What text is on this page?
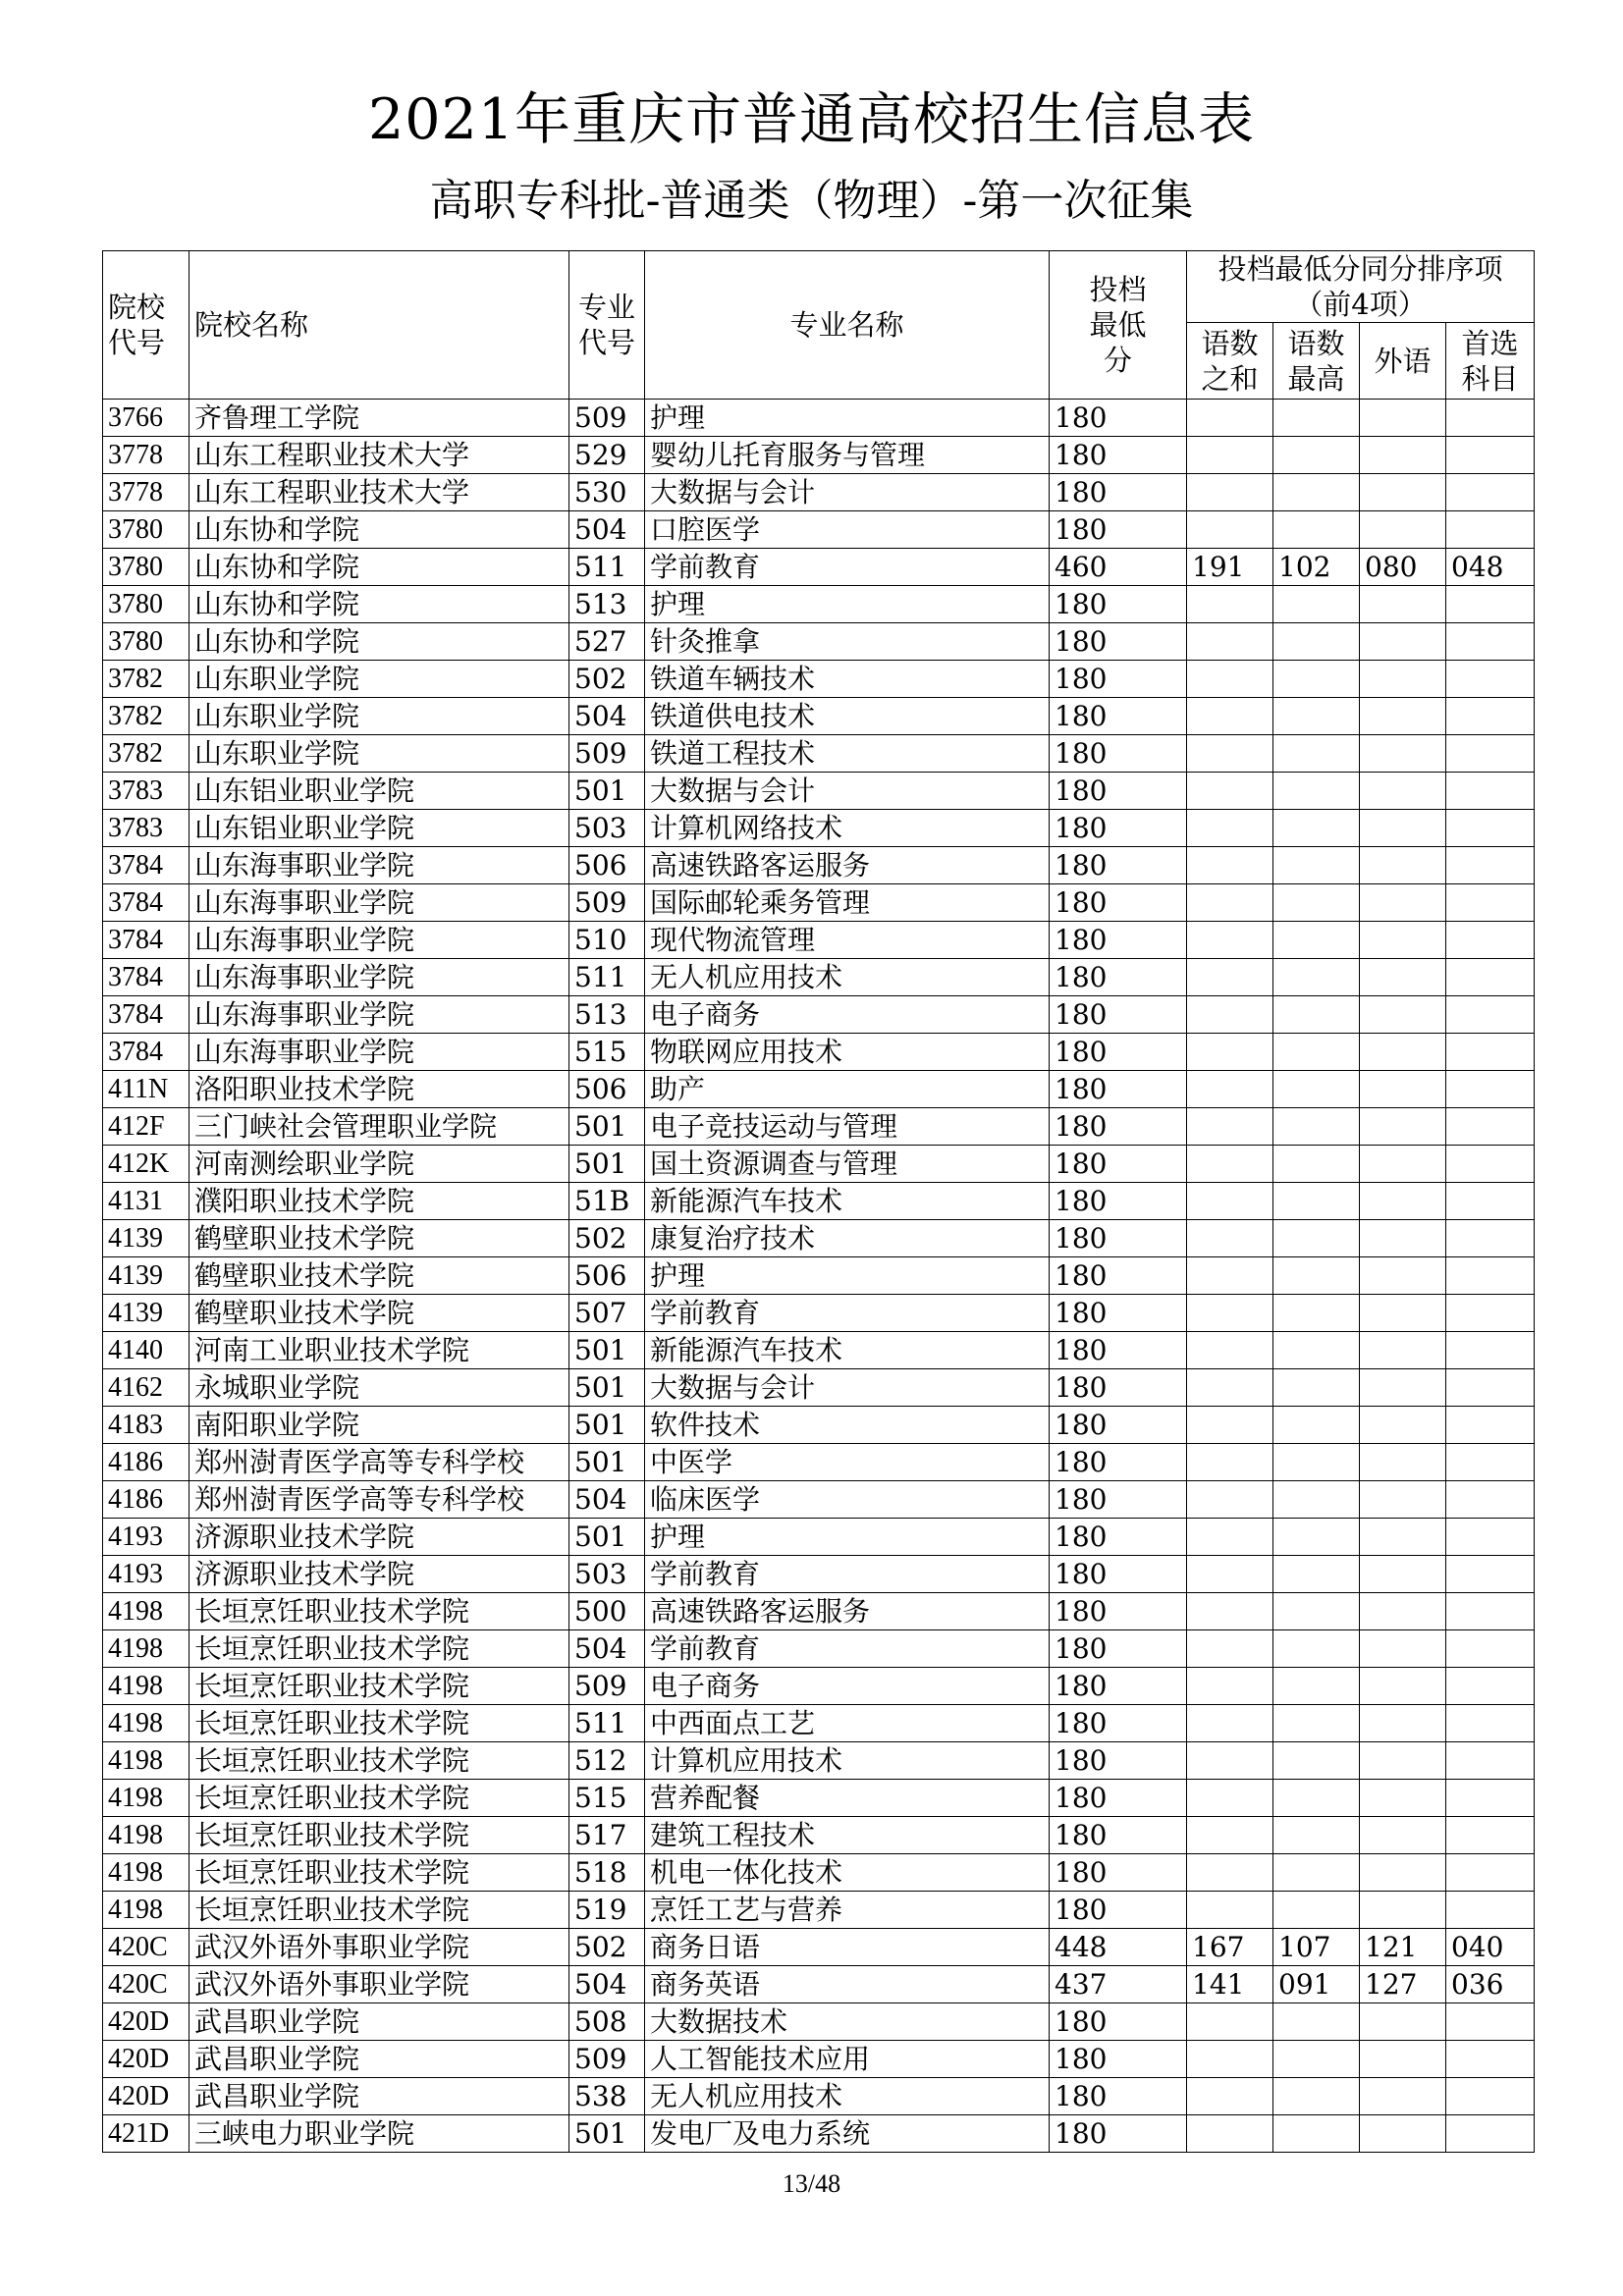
2021年重庆市普通高校招生信息表
高职专科批-普通类（物理）-第一次征集
院校代号	院校名称	专业代号	专业名称	投档最低分	投档最低分同分排序项（前4项）			
					语数之和	语数最高	外语	首选科目
3766	齐鲁理工学院	509	护理	180				
3778	山东工程职业技术大学	529	婴幼儿托育服务与管理	180				
3778	山东工程职业技术大学	530	大数据与会计	180				
3780	山东协和学院	504	口腔医学	180				
3780	山东协和学院	511	学前教育	460	191	102	080	048
3780	山东协和学院	513	护理	180				
3780	山东协和学院	527	针灸推拿	180				
3782	山东职业学院	502	铁道车辆技术	180				
3782	山东职业学院	504	铁道供电技术	180				
3782	山东职业学院	509	铁道工程技术	180				
3783	山东铝业职业学院	501	大数据与会计	180				
3783	山东铝业职业学院	503	计算机网络技术	180				
3784	山东海事职业学院	506	高速铁路客运服务	180				
3784	山东海事职业学院	509	国际邮轮乘务管理	180				
3784	山东海事职业学院	510	现代物流管理	180				
3784	山东海事职业学院	511	无人机应用技术	180				
3784	山东海事职业学院	513	电子商务	180				
3784	山东海事职业学院	515	物联网应用技术	180				
411N	洛阳职业技术学院	506	助产	180				
412F	三门峡社会管理职业学院	501	电子竞技运动与管理	180				
412K	河南测绘职业学院	501	国土资源调查与管理	180				
4131	濮阳职业技术学院	51B	新能源汽车技术	180				
4139	鹤壁职业技术学院	502	康复治疗技术	180				
4139	鹤壁职业技术学院	506	护理	180				
4139	鹤壁职业技术学院	507	学前教育	180				
4140	河南工业职业技术学院	501	新能源汽车技术	180				
4162	永城职业学院	501	大数据与会计	180				
4183	南阳职业学院	501	软件技术	180				
4186	郑州澍青医学高等专科学校	501	中医学	180				
4186	郑州澍青医学高等专科学校	504	临床医学	180				
4193	济源职业技术学院	501	护理	180				
4193	济源职业技术学院	503	学前教育	180				
4198	长垣烹饪职业技术学院	500	高速铁路客运服务	180				
4198	长垣烹饪职业技术学院	504	学前教育	180				
4198	长垣烹饪职业技术学院	509	电子商务	180				
4198	长垣烹饪职业技术学院	511	中西面点工艺	180				
4198	长垣烹饪职业技术学院	512	计算机应用技术	180				
4198	长垣烹饪职业技术学院	515	营养配餐	180				
4198	长垣烹饪职业技术学院	517	建筑工程技术	180				
4198	长垣烹饪职业技术学院	518	机电一体化技术	180				
4198	长垣烹饪职业技术学院	519	烹饪工艺与营养	180				
420C	武汉外语外事职业学院	502	商务日语	448	167	107	121	040
420C	武汉外语外事职业学院	504	商务英语	437	141	091	127	036
420D	武昌职业学院	508	大数据技术	180				
420D	武昌职业学院	509	人工智能技术应用	180				
420D	武昌职业学院	538	无人机应用技术	180				
421D	三峡电力职业学院	501	发电厂及电力系统	180				
13/48
